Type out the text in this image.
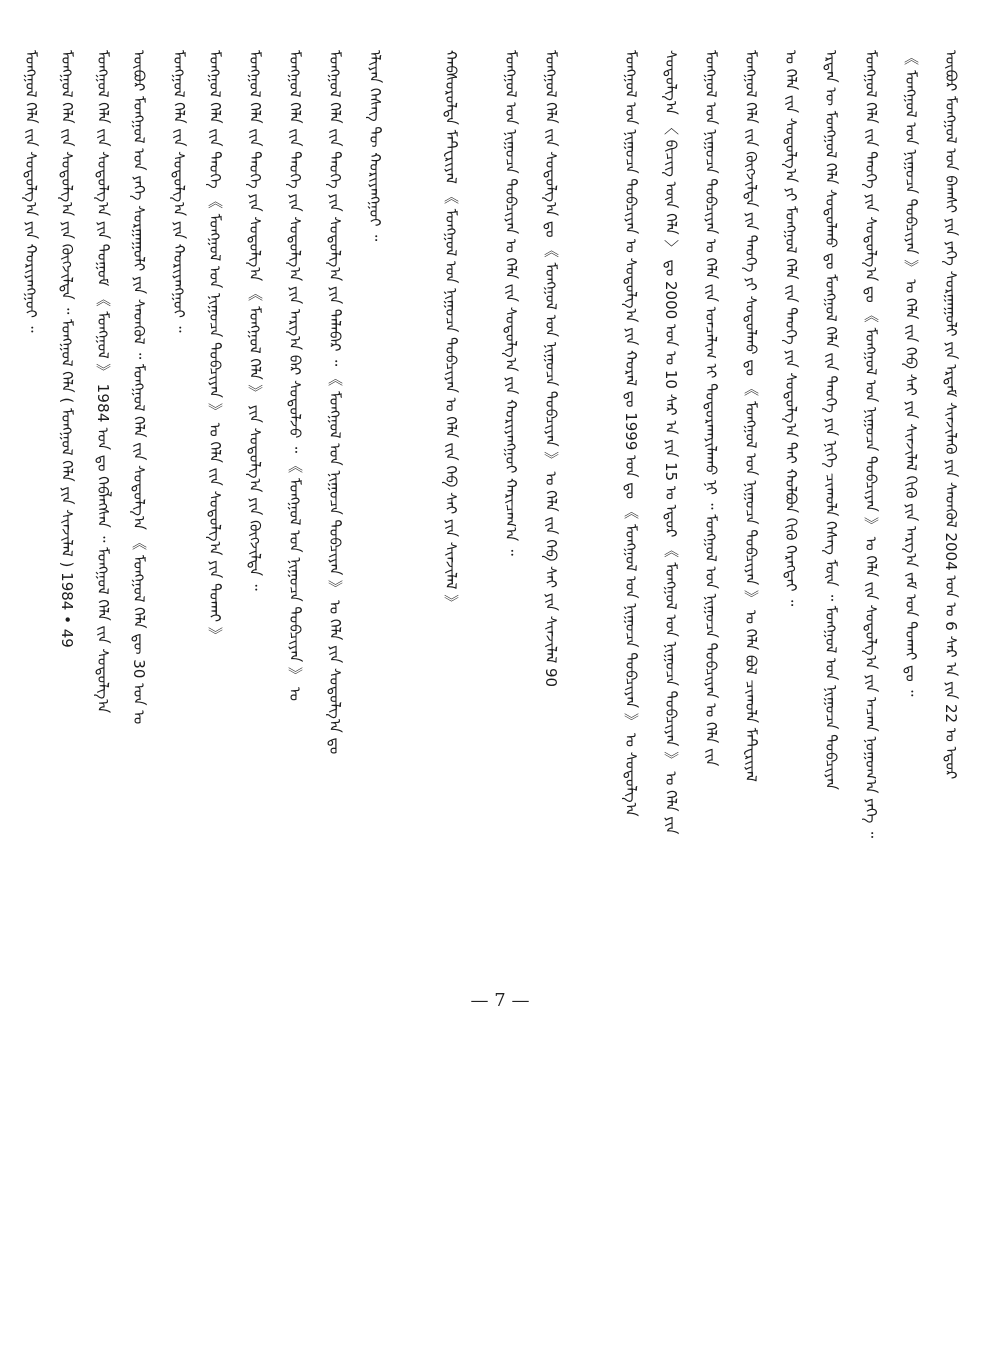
ᠥᠪᠦᠷ ᠮᠣᠩᠭᠣᠯ ᠤᠨ ᠪᠠᠭᠰᠢ ᠶᠢᠨ ᠶᠡᠬᠡ ᠰᠤᠷᠭᠠᠭᠤᠯᠢ ᠶᠢᠨ ᠡᠷᠳᠡᠮ ᠰᠢᠨᠵᠢᠯᠡᠬᠦ ᠶᠢᠨ ᠰᠡᠳᠭᠦᠯ 2004 ᠣᠨ ᠤ 6 ᠰᠠᠷ ᠠ ᠶᠢᠨ 22 ᠤ ᠡᠳᠦᠷ
《 ᠮᠣᠩᠭᠣᠯ ᠤᠨ ᠨᠢᠭᠤᠴᠠ ᠲᠣᠪᠴᠢᠶᠠᠨ 》 ᠤ ᠬᠡᠯᠡ ᠵᠢᠨ ᠬᠡᠪ ᠰᠠᠶ ᠶᠢᠨ ᠰᠢᠨᠵᠢᠯᠡᠯ ᠬᠢᠬᠦ ᠶᠢᠨ ᠠᠷᠭ᠎ᠠ ᠵᠠᠮ ᠤᠨ ᠲᠤᠬᠠᠢ ᠳᠤ ᠃
ᠮᠣᠩᠭᠣᠯ ᠬᠡᠯᠡ ᠵᠢᠨ ᠲᠡᠦᠬᠡ ᠶᠢᠨ ᠰᠤᠳᠤᠯᠭ᠎ᠠ ᠳᠤ 《 ᠮᠣᠩᠭᠣᠯ ᠤᠨ ᠨᠢᠭᠤᠴᠠ ᠲᠣᠪᠴᠢᠶᠠᠨ 》 ᠤ ᠬᠡᠯᠡ ᠵᠢᠨ ᠰᠤᠳᠤᠯᠭ᠎ᠠ ᠶᠢᠨ ᠠᠴᠬᠠ ᠨᠣᠭᠤᠭ᠎ᠠ ᠶᠡᠬᠡ ᠃
ᠡᠷᠲᠡᠨ ᠦ ᠮᠣᠩᠭᠣᠯ ᠬᠡᠯᠡ ᠰᠤᠳᠤᠯᠬᠤ ᠳᠤ ᠮᠣᠩᠭᠣᠯ ᠬᠡᠯᠡ ᠵᠢᠨ ᠲᠡᠦᠬᠡ ᠶᠢᠨ ᠨᠢᠭᠡ ᠴᠢᠬᠤᠯᠠ ᠬᠡᠰᠡᠭ ᠮᠥᠨ ᠃ ᠮᠣᠩᠭᠣᠯ ᠤᠨ ᠨᠢᠭᠤᠴᠠ ᠲᠣᠪᠴᠢᠶᠠᠨ
ᠤ ᠬᠡᠯᠡ ᠵᠢᠨ ᠰᠤᠳᠤᠯᠭ᠎ᠠ ᠶᠢ ᠮᠣᠩᠭᠣᠯ ᠬᠡᠯᠡ ᠵᠢᠨ ᠲᠡᠦᠬᠡ ᠶᠢᠨ ᠰᠤᠳᠤᠯᠭ᠎ᠠ ᠲᠠᠢ ᠬᠣᠯᠪᠣᠨ ᠬᠢᠬᠦ ᠬᠡᠷᠡᠭᠲᠡᠢ ᠃
ᠮᠣᠩᠭᠣᠯ ᠬᠡᠯᠡ ᠵᠢᠨ ᠬᠥᠭᠵᠢᠯᠲᠡ ᠶᠢᠨ ᠲᠡᠦᠬᠡ ᠶᠢ ᠰᠤᠳᠤᠯᠬᠤ ᠳᠤ 《 ᠮᠣᠩᠭᠣᠯ ᠤᠨ ᠨᠢᠭᠤᠴᠠ ᠲᠣᠪᠴᠢᠶᠠᠨ 》 ᠤ ᠬᠡᠯᠡ ᠪᠣᠯ ᠴᠢᠬᠤᠯᠠ ᠮᠠᠲ᠋ᠧᠷᠢᠶᠠᠯ
ᠮᠣᠩᠭᠣᠯ ᠤᠨ ᠨᠢᠭᠤᠴᠠ ᠲᠣᠪᠴᠢᠶᠠᠨ ᠤ ᠬᠡᠯᠡ ᠵᠢᠨ ᠣᠨᠴᠠᠯᠢᠭ ᠢ ᠲᠣᠳᠤᠷᠬᠠᠶᠢᠯᠠᠬᠤ ᠨᠢ ᠃ ᠮᠣᠩᠭᠣᠯ ᠤᠨ ᠨᠢᠭᠤᠴᠠ ᠲᠣᠪᠴᠢᠶᠠᠨ ᠤ ᠬᠡᠯᠡ ᠵᠢᠨ
ᠰᠤᠳᠤᠯᠭ᠎ᠠ 〈 ᠪᠢᠴᠢᠭ ᠦᠨ ᠬᠡᠯᠡ 〉 ᠳᠤ 2000 ᠣᠨ ᠤ 10 ᠰᠠᠷ ᠠ ᠶᠢᠨ 15 ᠤ ᠡᠳᠦᠷ 《 ᠮᠣᠩᠭᠣᠯ ᠤᠨ ᠨᠢᠭᠤᠴᠠ ᠲᠣᠪᠴᠢᠶᠠᠨ 》 ᠤ ᠬᠡᠯᠡ ᠶᠢᠨ
ᠮᠣᠩᠭᠣᠯ ᠤᠨ ᠨᠢᠭᠤᠴᠠ ᠲᠣᠪᠴᠢᠶᠠᠨ ᠤ ᠰᠤᠳᠤᠯᠭ᠎ᠠ ᠶᠢᠨ ᠬᠤᠷᠠᠯ ᠳᠤ 1999 ᠣᠨ ᠳᠤ 《 ᠮᠣᠩᠭᠣᠯ ᠤᠨ ᠨᠢᠭᠤᠴᠠ ᠲᠣᠪᠴᠢᠶᠠᠨ 》 ᠤ ᠰᠤᠳᠤᠯᠭ᠎ᠠ
ᠮᠣᠩᠭᠣᠯ ᠬᠡᠯᠡ ᠵᠢᠨ ᠰᠤᠳᠤᠯᠭ᠎ᠠ ᠳᠤ 《 ᠮᠣᠩᠭᠣᠯ ᠤᠨ ᠨᠢᠭᠤᠴᠠ ᠲᠣᠪᠴᠢᠶᠠᠨ 》 ᠤ ᠬᠡᠯᠡ ᠵᠢᠨ ᠬᠡᠪ ᠰᠠᠶ ᠶᠢᠨ ᠰᠢᠨᠵᠢᠯᠡᠯ 90
ᠮᠣᠩᠭᠣᠯ ᠤᠨ ᠨᠢᠭᠤᠴᠠ ᠲᠣᠪᠴᠢᠶᠠᠨ ᠤ ᠬᠡᠯᠡ ᠵᠢᠨ ᠰᠤᠳᠤᠯᠭ᠎ᠠ ᠶᠢᠨ ᠬᠤᠷᠢᠶᠠᠩᠭᠤᠢ ᠬᠠᠷᠢᠴᠠᠭ᠎ᠠ ᠃
ᠬᠠᠪᠰᠤᠷᠤᠯᠲᠠ ᠮᠠᠲ᠋ᠧᠷᠢᠶᠠᠯ 《 ᠮᠣᠩᠭᠣᠯ ᠤᠨ ᠨᠢᠭᠤᠴᠠ ᠲᠣᠪᠴᠢᠶᠠᠨ ᠤ ᠬᠡᠯᠡ ᠵᠢᠨ ᠬᠡᠪ ᠰᠠᠶ ᠶᠢᠨ ᠰᠢᠨᠵᠢᠯᠡᠯ 》
ᠡᠯᠢᠶᠡᠨ ᠬᠡᠰᠡᠭ ᠲᠦ ᠬᠤᠷᠢᠶᠠᠩᠭᠤᠢ ᠃
ᠮᠣᠩᠭᠣᠯ ᠬᠡᠯᠡ ᠵᠢᠨ ᠲᠡᠦᠬᠡ ᠶᠢᠨ ᠰᠤᠳᠤᠯᠭ᠎ᠠ ᠶᠢᠨ ᠲᠠᠯᠠᠪᠠᠷ ᠃ 《 ᠮᠣᠩᠭᠣᠯ ᠤᠨ ᠨᠢᠭᠤᠴᠠ ᠲᠣᠪᠴᠢᠶᠠᠨ 》 ᠤ ᠬᠡᠯᠡ ᠶᠢᠨ ᠰᠤᠳᠤᠯᠭ᠎ᠠ ᠳᠤ
ᠮᠣᠩᠭᠣᠯ ᠬᠡᠯᠡ ᠵᠢᠨ ᠲᠡᠦᠬᠡ ᠶᠢᠨ ᠰᠤᠳᠤᠯᠭ᠎ᠠ ᠶᠢᠨ ᠠᠷᠭ᠎ᠠ ᠪᠠᠷ ᠰᠤᠳᠤᠯᠵᠤ ᠃ 《 ᠮᠣᠩᠭᠣᠯ ᠤᠨ ᠨᠢᠭᠤᠴᠠ ᠲᠣᠪᠴᠢᠶᠠᠨ 》 ᠤ
ᠮᠣᠩᠭᠣᠯ ᠬᠡᠯᠡ ᠵᠢᠨ ᠲᠡᠦᠬᠡ ᠶᠢᠨ ᠰᠤᠳᠤᠯᠭ᠎ᠠ 《 ᠮᠣᠩᠭᠣᠯ ᠬᠡᠯᠡ 》 ᠶᠢᠨ ᠰᠤᠳᠤᠯᠭ᠎ᠠ ᠶᠢᠨ ᠬᠥᠭᠵᠢᠯᠲᠡ ᠃
ᠮᠣᠩᠭᠣᠯ ᠬᠡᠯᠡ ᠵᠢᠨ ᠲᠡᠦᠬᠡ 《 ᠮᠣᠩᠭᠣᠯ ᠤᠨ ᠨᠢᠭᠤᠴᠠ ᠲᠣᠪᠴᠢᠶᠠᠨ 》 ᠤ ᠬᠡᠯᠡ ᠵᠢᠨ ᠰᠤᠳᠤᠯᠭ᠎ᠠ ᠶᠢᠨ ᠲᠣᠬᠠᠢ 》
ᠮᠣᠩᠭᠣᠯ ᠬᠡᠯᠡ ᠵᠢᠨ ᠰᠤᠳᠤᠯᠭ᠎ᠠ ᠶᠢᠨ ᠬᠣᠷᠢᠶᠠᠩᠭᠤᠢ ᠃
ᠥᠪᠦᠷ ᠮᠣᠩᠭᠣᠯ ᠤᠨ ᠶᠡᠬᠡ ᠰᠤᠷᠭᠠᠭᠤᠯᠢ ᠶᠢᠨ ᠰᠡᠳᠭᠦᠯ ᠃ ᠮᠣᠩᠭᠣᠯ ᠬᠡᠯᠡ ᠵᠢᠨ ᠰᠤᠳᠤᠯᠭ᠎ᠠ 《 ᠮᠣᠩᠭᠣᠯ ᠬᠡᠯᠡ ᠳᠦ 30 ᠣᠨ ᠤ
ᠮᠣᠩᠭᠣᠯ ᠬᠡᠯᠡ ᠵᠢᠨ ᠰᠤᠳᠤᠯᠭ᠎ᠠ ᠶᠢᠨ ᠲᠣᠭᠤᠮ 《 ᠮᠣᠩᠭᠣᠯ 》 1984 ᠣᠨ ᠳᠤ ᠬᠡᠪᠯᠡᠭᠰᠡᠨ ᠃ ᠮᠣᠩᠭᠣᠯ ᠬᠡᠯᠡ ᠵᠢᠨ ᠰᠤᠳᠤᠯᠭ᠎ᠠ
ᠮᠣᠩᠭᠣᠯ ᠬᠡᠯᠡ ᠵᠢᠨ ᠰᠤᠳᠤᠯᠭ᠎ᠠ ᠶᠢᠨ ᠬᠥᠭᠵᠢᠯᠲᠡ ᠃ ᠮᠣᠩᠭᠣᠯ ᠬᠡᠯᠡ ( ᠮᠣᠩᠭᠣᠯ ᠬᠡᠯᠡ ᠶᠢᠨ ᠰᠢᠨᠵᠢᠯᠡᠯ ) 1984 • 49
ᠮᠣᠩᠭᠣᠯ ᠬᠡᠯᠡ ᠵᠢᠨ ᠰᠤᠳᠤᠯᠭ᠎ᠠ ᠶᠢᠨ ᠬᠤᠷᠢᠶᠠᠩᠭᠤᠢ ᠃
— 7 —
